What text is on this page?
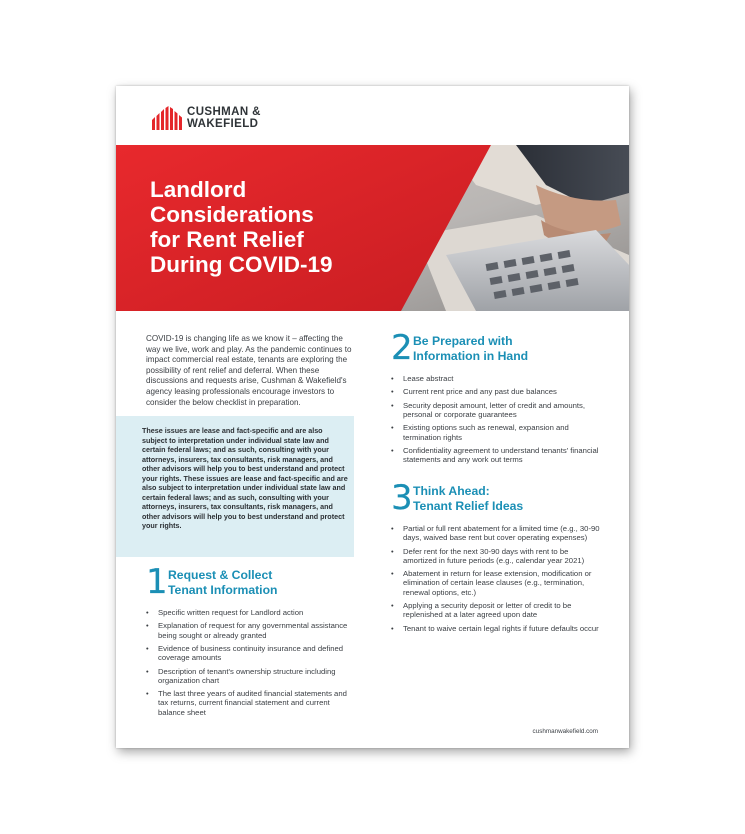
CUSHMAN &
WAKEFIELD
Landlord
Considerations
for Rent Relief
During COVID-19
COVID-19 is changing life as we know it – affecting the way we live, work and play. As the pandemic continues to impact commercial real estate, tenants are exploring the possibility of rent relief and deferral. When these discussions and requests arise, Cushman & Wakefield's agency leasing professionals encourage investors to consider the below checklist in preparation.

These issues are lease and fact-specific and are also subject to interpretation under individual state law and certain federal laws; and as such, consulting with your attorneys, insurers, tax consultants, risk managers, and other advisors will help you to best understand and protect your rights. These issues are lease and fact-specific and are also subject to interpretation under individual state law and certain federal laws; and as such, consulting with your attorneys, insurers, tax consultants, risk managers, and other advisors will help you to best understand and protect your rights.

1 Request & Collect
Tenant Information
• Specific written request for Landlord action
• Explanation of request for any governmental assistance being sought or already granted
• Evidence of business continuity insurance and defined coverage amounts
• Description of tenant's ownership structure including organization chart
• The last three years of audited financial statements and tax returns, current financial statement and current balance sheet
2 Be Prepared with
Information in Hand
• Lease abstract
• Current rent price and any past due balances
• Security deposit amount, letter of credit and amounts, personal or corporate guarantees
• Existing options such as renewal, expansion and termination rights
• Confidentiality agreement to understand tenants' financial statements and any work out terms
3 Think Ahead:
Tenant Relief Ideas
• Partial or full rent abatement for a limited time (e.g., 30-90 days, waived base rent but cover operating expenses)
• Defer rent for the next 30-90 days with rent to be amortized in future periods (e.g., calendar year 2021)
• Abatement in return for lease extension, modification or elimination of certain lease clauses (e.g., termination, renewal options, etc.)
• Applying a security deposit or letter of credit to be replenished at a later agreed upon date
• Tenant to waive certain legal rights if future defaults occur
cushmanwakefield.com
